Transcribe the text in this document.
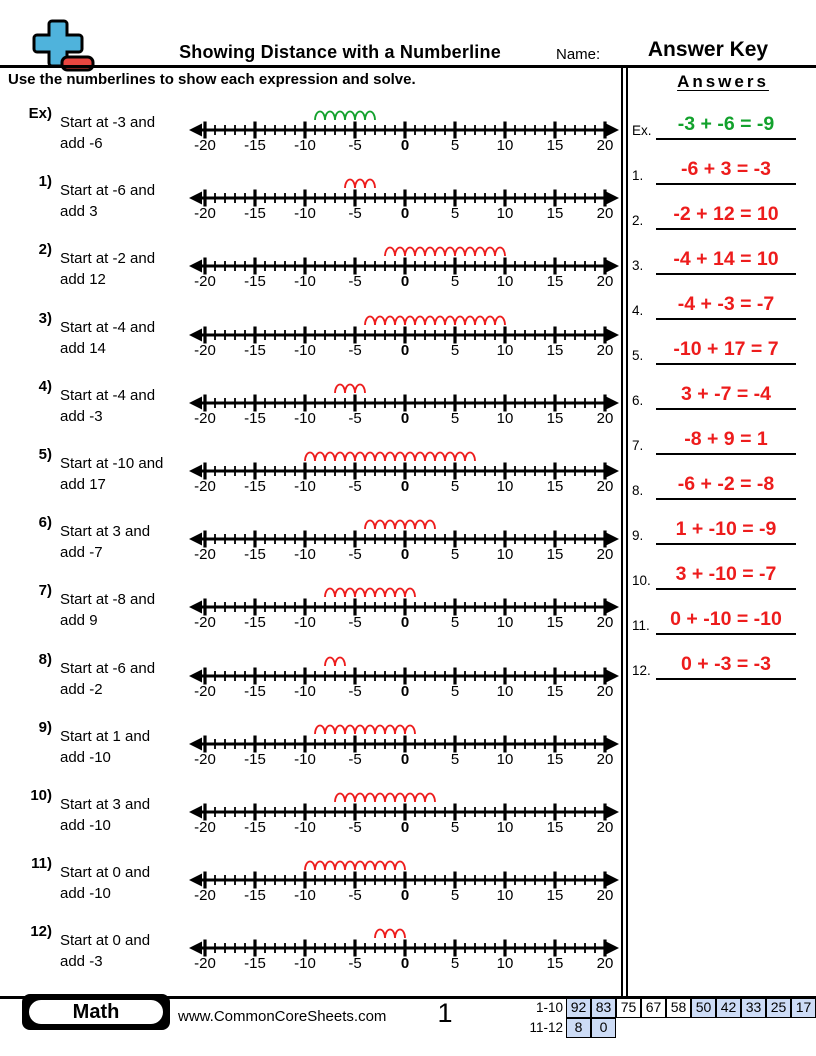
Showing Distance with a Numberline	Name:	Answer Key
Use the numberlines to show each expression and solve.	Answers
Ex)
Start at -3 and add -6	-20 -15 -10 -5	0	5 10 15 20
1)
Start at -6 and add 3	-20 -15 -10 -5	0	5 10 15 20
2)
Start at -2 and add 12	-20 -15 -10 -5	0	5 10 15 20
3)
Start at -4 and add 14	-20 -15 -10 -5	0	5 10 15 20
4)
Start at -4 and add -3	-20 -15 -10 -5	0	5 10 15 20
5)
Start at -10 and add 17	-20 -15 -10 -5	0	5 10 15 20
6)
Start at 3 and add -7	-20 -15 -10 -5	0	5 10 15 20
7)
Start at -8 and add 9	-20 -15 -10 -5	0	5 10 15 20
8)
Start at -6 and add -2	-20 -15 -10 -5	0	5 10 15 20
9)
Start at 1 and add -10	-20 -15 -10 -5	0	5 10 15 20
10)
Start at 3 and add -10	-20 -15 -10 -5	0	5 10 15 20
11)
Start at 0 and add -10	-20 -15 -10 -5	0	5 10 15 20
12)
Start at 0 and add -3	-20 -15 -10 -5	0	5 10 15 20
Ex.	-3 + -6 = -9
1.	-6 + 3 = -3
2.	-2 + 12 = 10
3.	-4 + 14 = 10
4.	-4 + -3 = -7
5.	-10 + 17 = 7
6.	3 + -7 = -4
7.	-8 + 9 = 1
8.	-6 + -2 = -8
9.	1 + -10 = -9
10.	3 + -10 = -7
11.	0 + -10 = -10
12.	0 + -3 = -3
Math	www.CommonCoreSheets.com	1	1-10 92 83 75 67 58 50 42 33 25 17
11-12 8	0
